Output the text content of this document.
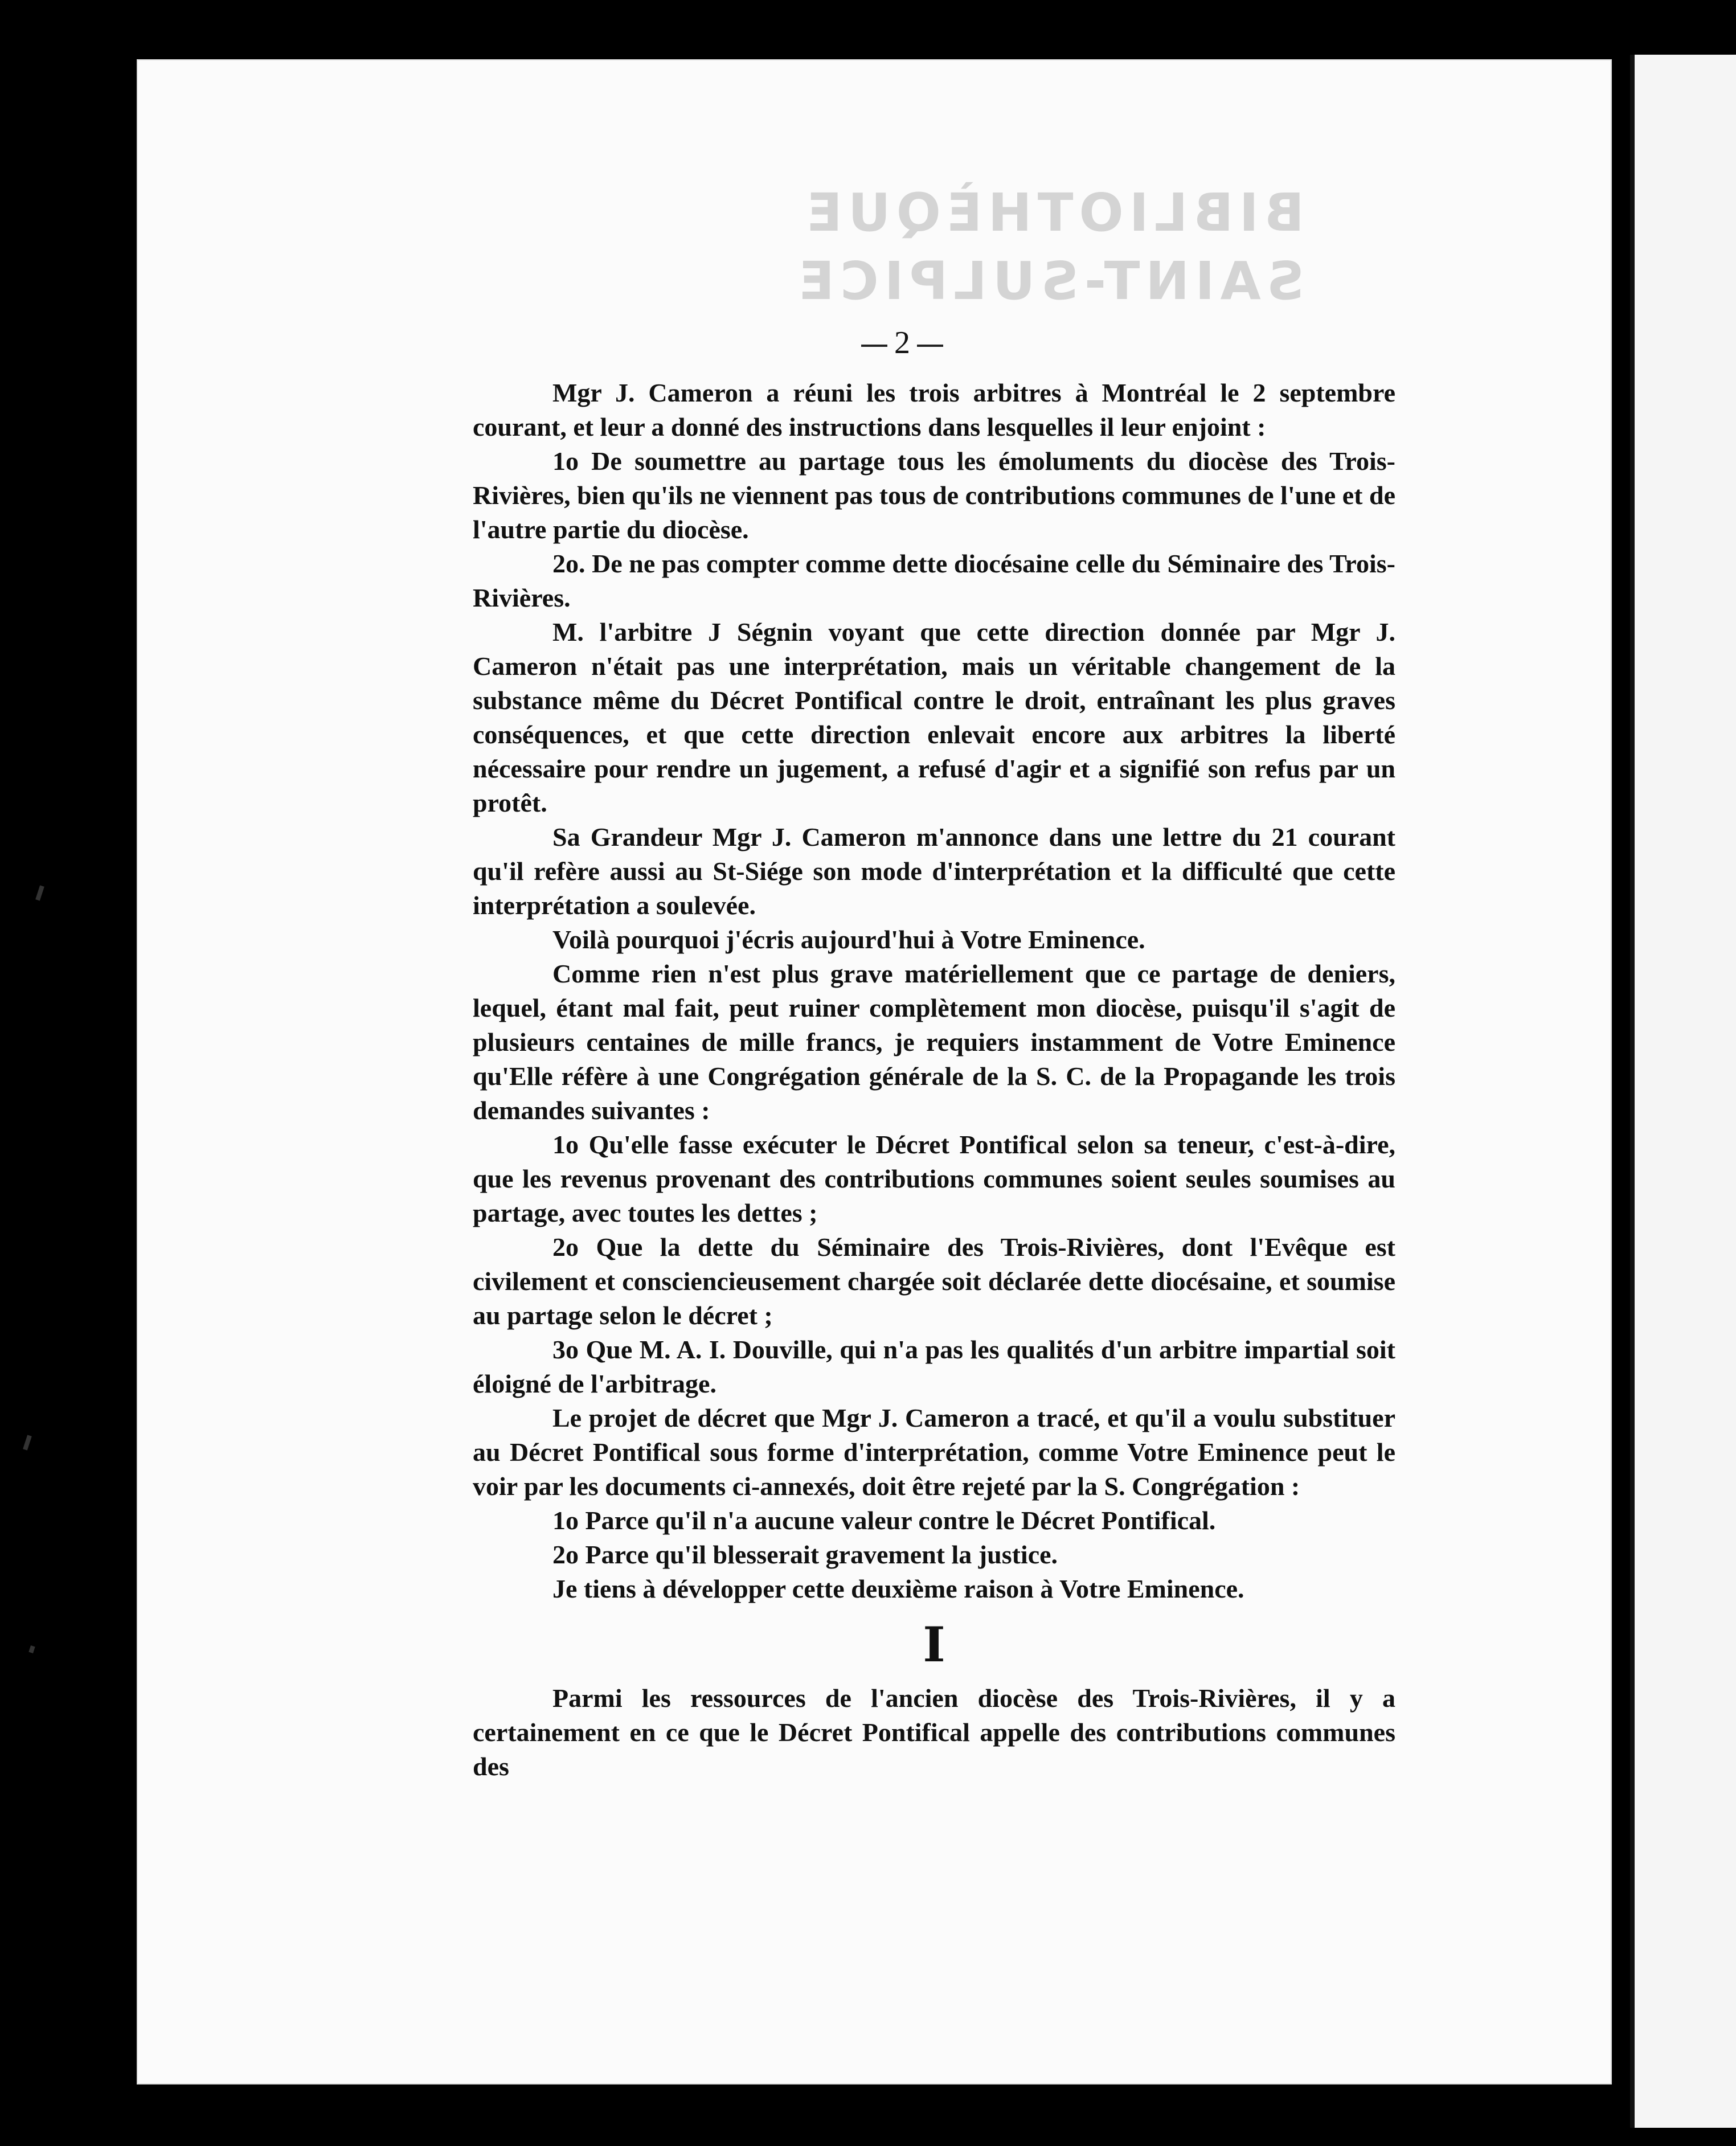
BIBLIOTHÈQUE
SAINT-SULPICE
2

Mgr J. Cameron a réuni les trois arbitres à Montréal le 2 septembre courant, et leur a donné des instructions dans lesquelles il leur enjoint :

1o De soumettre au partage tous les émoluments du diocèse des Trois-Rivières, bien qu'ils ne viennent pas tous de contributions communes de l'une et de l'autre partie du diocèse.

2o. De ne pas compter comme dette diocésaine celle du Séminaire des Trois-Rivières.

M. l'arbitre J Ségnin voyant que cette direction donnée par Mgr J. Cameron n'était pas une interprétation, mais un véritable changement de la substance même du Décret Pontifical contre le droit, entraînant les plus graves conséquences, et que cette direction enlevait encore aux arbitres la liberté nécessaire pour rendre un jugement, a refusé d'agir et a signifié son refus par un protêt.

Sa Grandeur Mgr J. Cameron m'annonce dans une lettre du 21 courant qu'il refère aussi au St-Siége son mode d'interprétation et la difficulté que cette interprétation a soulevée.

Voilà pourquoi j'écris aujourd'hui à Votre Eminence.

Comme rien n'est plus grave matériellement que ce partage de deniers, lequel, étant mal fait, peut ruiner complètement mon diocèse, puisqu'il s'agit de plusieurs centaines de mille francs, je requiers instamment de Votre Eminence qu'Elle réfère à une Congrégation générale de la S. C. de la Propagande les trois demandes suivantes :

1o Qu'elle fasse exécuter le Décret Pontifical selon sa teneur, c'est-à-dire, que les revenus provenant des contributions communes soient seules soumises au partage, avec toutes les dettes ;

2o Que la dette du Séminaire des Trois-Rivières, dont l'Evêque est civilement et consciencieusement chargée soit déclarée dette diocésaine, et soumise au partage selon le décret ;

3o Que M. A. I. Douville, qui n'a pas les qualités d'un arbitre impartial soit éloigné de l'arbitrage.

Le projet de décret que Mgr J. Cameron a tracé, et qu'il a voulu substituer au Décret Pontifical sous forme d'interprétation, comme Votre Eminence peut le voir par les documents ci-annexés, doit être rejeté par la S. Congrégation :

1o Parce qu'il n'a aucune valeur contre le Décret Pontifical.

2o Parce qu'il blesserait gravement la justice.

Je tiens à développer cette deuxième raison à Votre Eminence.

I

Parmi les ressources de l'ancien diocèse des Trois-Rivières, il y a certainement en ce que le Décret Pontifical appelle des contributions communes des
